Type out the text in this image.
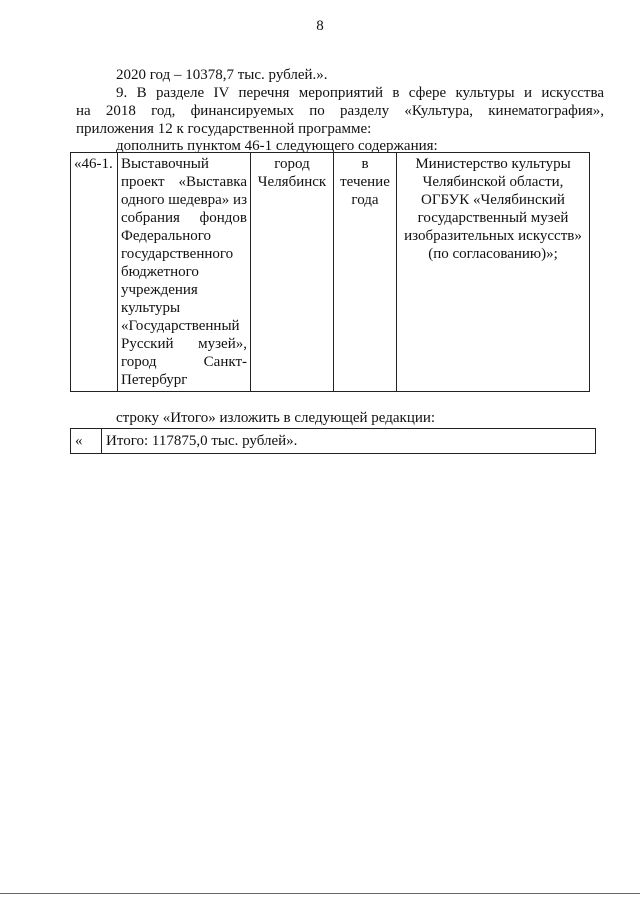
8
2020 год – 10378,7 тыс. рублей.».
9. В разделе IV перечня мероприятий в сфере культуры и искусства
на 2018 год, финансируемых по разделу «Культура, кинематография»,
приложения 12 к государственной программе:
дополнить пунктом 46-1 следующего содержания:
«46-1.	Выставочный проект «Выставка одного шедевра» из собрания фондов Федерального государственного бюджетного учреждения культуры «Государственный Русский музей», город Санкт-Петербург	город Челябинск	в течение года	Министерство культуры Челябинской области, ОГБУК «Челябинский государственный музей изобразительных искусств» (по согласованию)»;
строку «Итого» изложить в следующей редакции:
«	Итого: 117875,0 тыс. рублей».
